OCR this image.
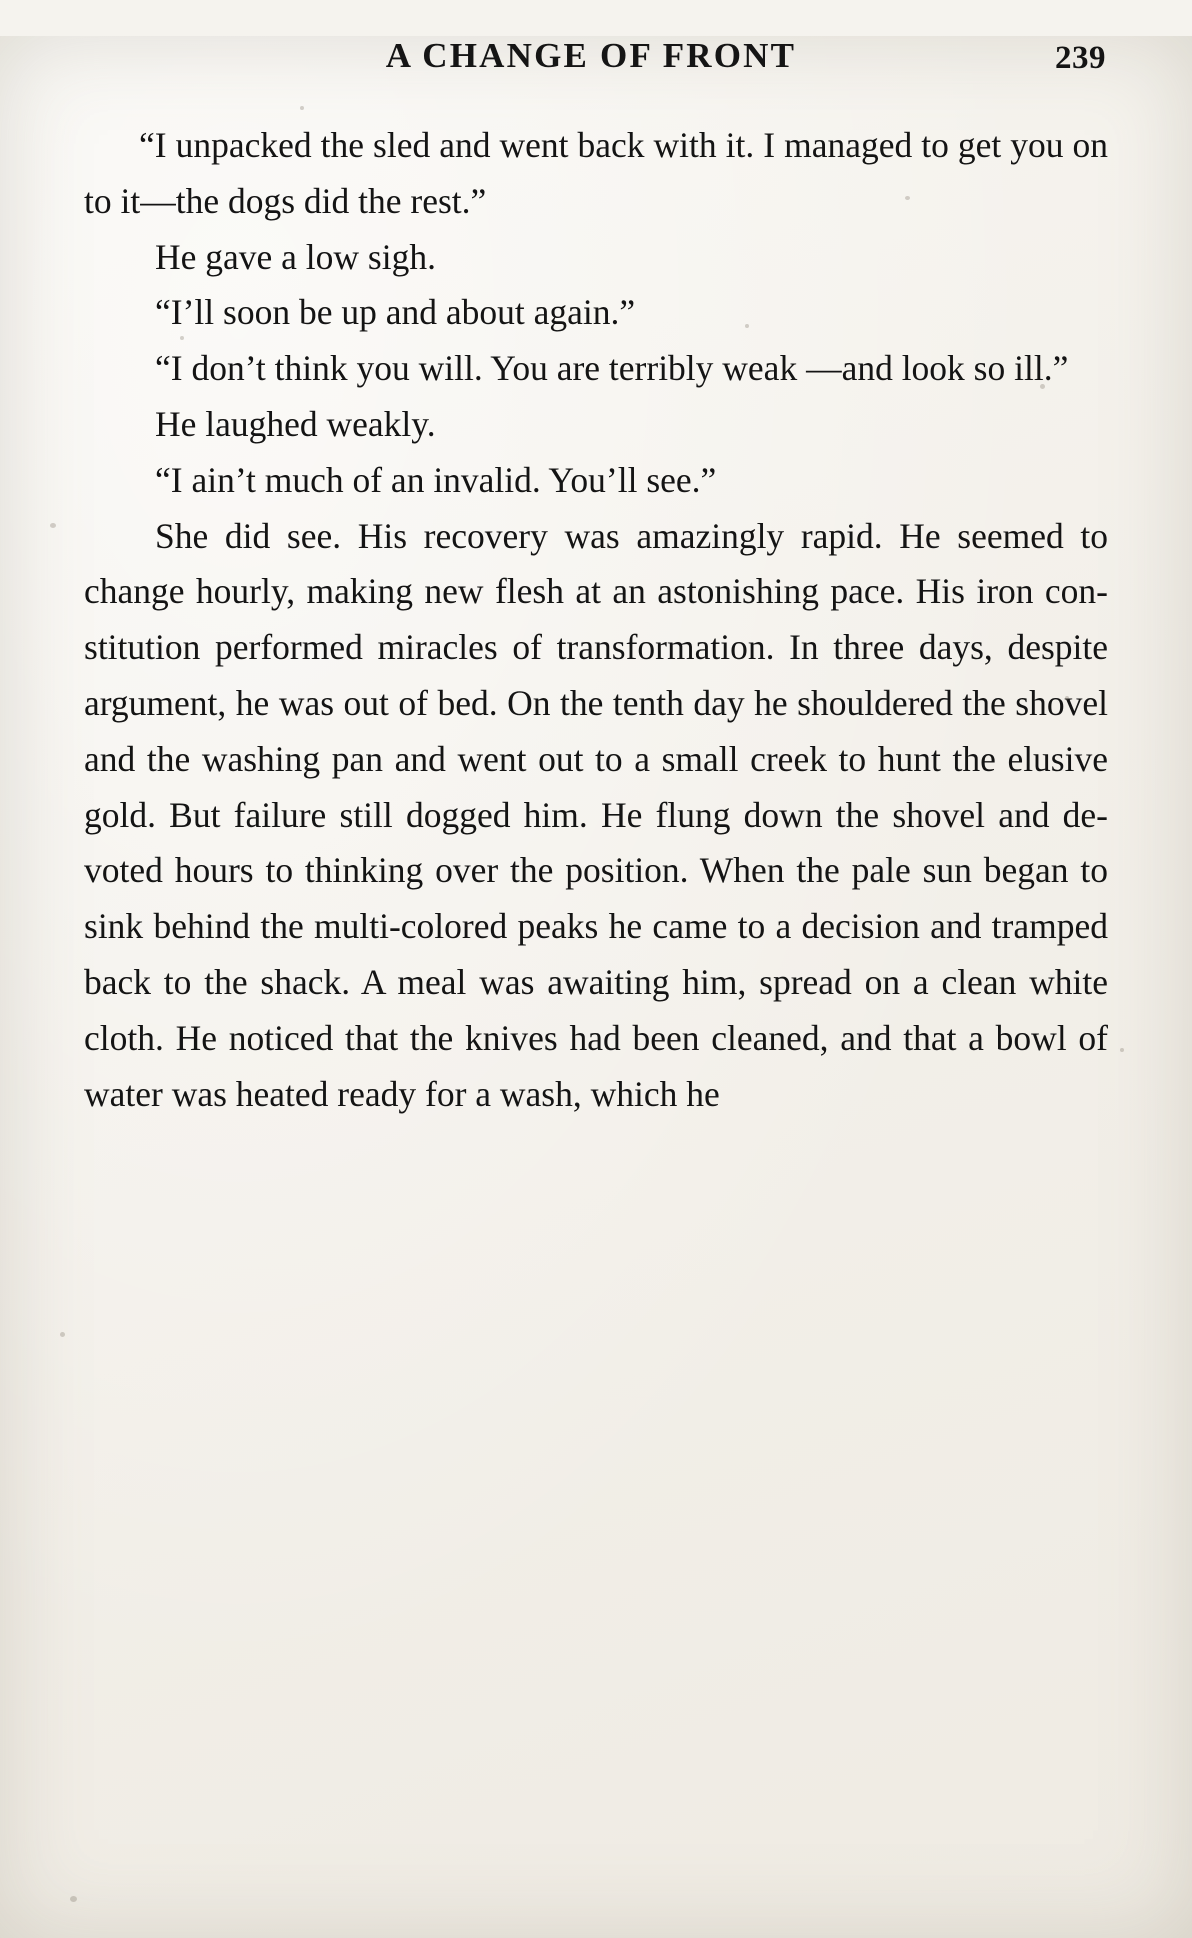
A CHANGE OF FRONT	239

“I unpacked the sled and went back with it. I managed to get you on to it—the dogs did the rest.”

He gave a low sigh.

“I’ll soon be up and about again.”

“I don’t think you will. You are terribly weak —and look so ill.”

He laughed weakly.

“I ain’t much of an invalid. You’ll see.”

She did see. His recovery was amazingly rapid. He seemed to change hourly, making new flesh at an astonishing pace. His iron con-stitution performed miracles of transformation. In three days, despite argument, he was out of bed. On the tenth day he shouldered the shovel and the washing pan and went out to a small creek to hunt the elusive gold. But failure still dogged him. He flung down the shovel and de-voted hours to thinking over the position. When the pale sun began to sink behind the multi-colored peaks he came to a decision and tramped back to the shack. A meal was awaiting him, spread on a clean white cloth. He noticed that the knives had been cleaned, and that a bowl of water was heated ready for a wash, which he
